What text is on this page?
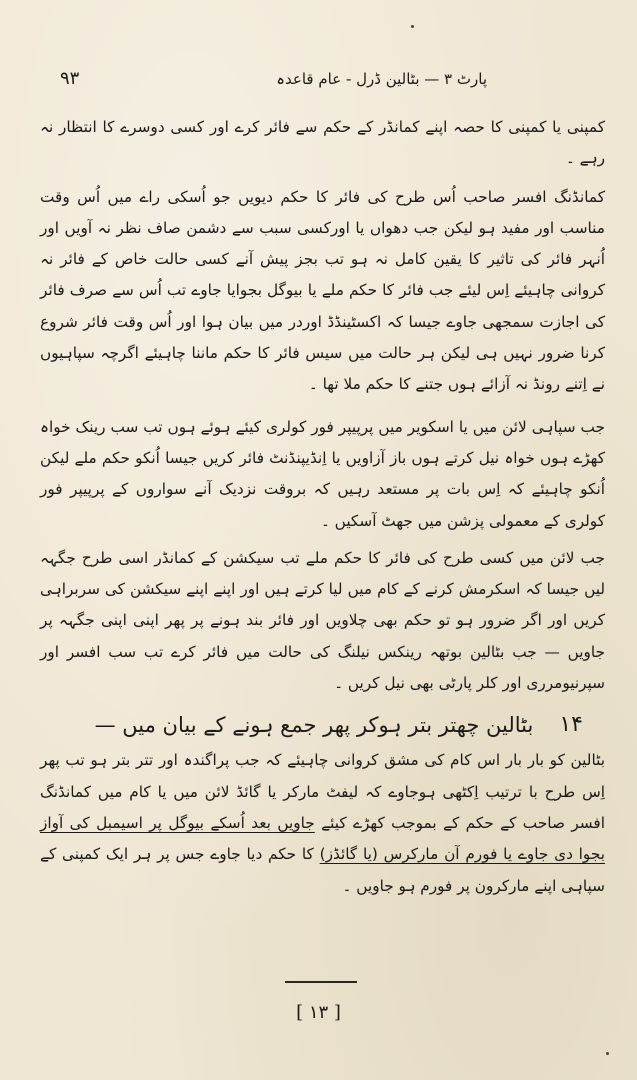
۹۳	پارٹ ۳ — بٹالین ڈرل - عام قاعدہ

کمپنی یا کمپنی کا حصہ اپنے کمانڈر کے حکم سے فائر کرے اور کسی دوسرے کا انتظار نہ رہے ۔

کمانڈنگ افسر صاحب اُس طرح کی فائر کا حکم دیویں جو اُسکی راے میں اُس وقت مناسب اور مفید ہو لیکن جب دھواں یا اورکسی سبب سے دشمن صاف نظر نہ آویں اور اُنہر فائر کی تاثیر کا یقین کامل نہ ہو تب بجز پیش آنے کسی حالت خاص کے فائر نہ کروانی چاہیئے اِس لیئے جب فائر کا حکم ملے یا بیوگل بجوایا جاوے تب اُس سے صرف فائر کی اجازت سمجھی جاوے جیسا کہ اکسٹینڈڈ اوردر میں بیان ہوا اور اُس وقت فائر شروع کرنا ضرور نہیں ہی لیکن ہر حالت میں سیس فائر کا حکم ماننا چاہیئے اگرچہ سپاہیوں نے اِتنے رونڈ نہ آزائے ہوں جتنے کا حکم ملا تھا ۔

جب سپاہی لائن میں یا اسکویر میں پرپیپر فور کولری کیئے ہوئے ہوں تب سب رینک خواہ کھڑے ہوں خواہ نیل کرتے ہوں باز آزاویں یا اِنڈیپنڈنٹ فائر کریں جیسا اُنکو حکم ملے لیکن اُنکو چاہیئے کہ اِس بات پر مستعد رہیں کہ بروقت نزدیک آنے سواروں کے پرپیپر فور کولری کے معمولی پزشن میں جھٹ آسکیں ۔

جب لائن میں کسی طرح کی فائر کا حکم ملے تب سیکشن کے کمانڈر اسی طرح جگہہ لیں جیسا کہ اسکرمش کرنے کے کام میں لیا کرتے ہیں اور اپنے اپنے سیکشن کی سربراہی کریں اور اگر ضرور ہو تو حکم بھی چلاویں اور فائر بند ہونے پر پھر اپنی اپنی جگہہ پر جاویں — جب بٹالین بوتھہ رینکس نیلنگ کی حالت میں فائر کرے تب سب افسر اور سپرنیومرری اور کلر پارٹی بھی نیل کریں ۔

۱۴
بٹالین چھتر بتر ہوکر پھر جمع ہونے کے بیان میں —

بٹالین کو بار بار اس کام کی مشق کروانی چاہیئے کہ جب پراگندہ اور تتر بتر ہو تب پھر اِس طرح با ترتیب اِکٹھی ہوجاوے کہ لیفٹ مارکر یا گائڈ لائن میں یا کام میں کمانڈنگ افسر صاحب کے حکم کے بموجب کھڑے کیئے جاویں بعد اُسکے بیوگل پر اسیمبل کی آواز بجوا دی جاوے یا فورم آن مارکرس (یا گائڈز) کا حکم دیا جاوے جس پر ہر ایک کمپنی کے سپاہی اپنے مارکرون پر فورم ہو جاویں ۔

[ ۱۳ ]
